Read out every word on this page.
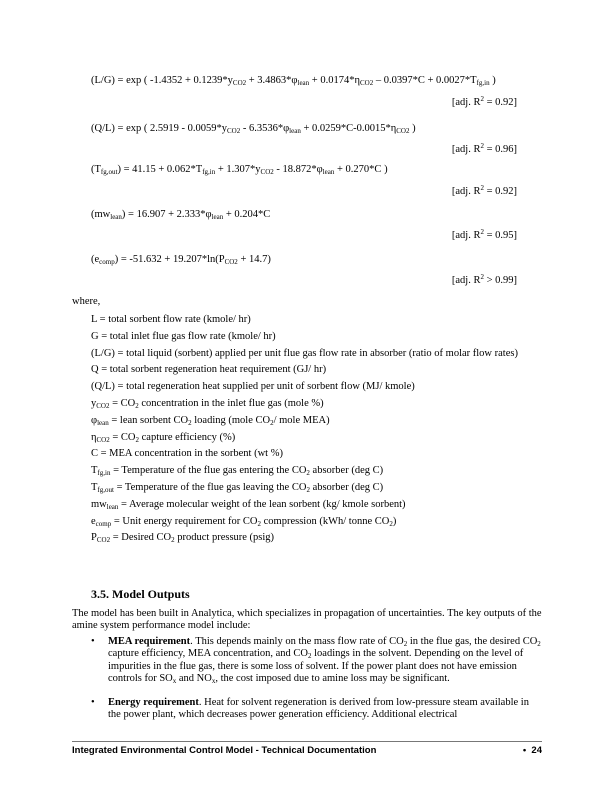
(L/G) = exp ( $-1.4352 + 0.1239*y_{CO2} + 3.4863*\varphi_{lean} + 0.0174*\eta_{CO2} - 0.0397*C + 0.0027*T_{fg,in}$ )
[adj. $R^2 = 0.92$]
(Q/L) = exp ( $2.5919 - 0.0059*y_{CO2} - 6.3536*\varphi_{lean} + 0.0259*C-0.0015*\eta_{CO2}$ )
[adj. $R^2 = 0.96$]
$(T_{fg,out}) = 41.15 + 0.062*T_{fg,in} + 1.307*y_{CO2} - 18.872*\varphi_{lean} + 0.270*C$ )
[adj. $R^2 = 0.92$]
$(mw_{lean}) = 16.907 + 2.333*\varphi_{lean} + 0.204*C$
[adj. $R^2 = 0.95$]
$(e_{comp}) = -51.632 + 19.207*\ln(P_{CO2} + 14.7)$
[adj. $R^2 > 0.99$]
where,
L = total sorbent flow rate (kmole/ hr)
G = total inlet flue gas flow rate (kmole/ hr)
(L/G) = total liquid (sorbent) applied per unit flue gas flow rate in absorber (ratio of molar flow rates)
Q = total sorbent regeneration heat requirement (GJ/ hr)
(Q/L) = total regeneration heat supplied per unit of sorbent flow (MJ/ kmole)
$y_{CO2} = CO_2$ concentration in the inlet flue gas (mole %)
$\varphi_{lean}$ = lean sorbent $CO_2$ loading (mole $CO_2/$ mole MEA)
$\eta_{CO2} = CO_2$ capture efficiency (%)
C = MEA concentration in the sorbent (wt %)
$T_{fg,in}$ = Temperature of the flue gas entering the $CO_2$ absorber (deg C)
$T_{fg,out}$ = Temperature of the flue gas leaving the $CO_2$ absorber (deg C)
$mw_{lean}$ = Average molecular weight of the lean sorbent (kg/ kmole sorbent)
$e_{comp}$ = Unit energy requirement for $CO_2$ compression (kWh/ tonne $CO_2$)
$P_{CO2}$ = Desired $CO_2$ product pressure (psig)
3.5. Model Outputs
The model has been built in Analytica, which specializes in propagation of uncertainties. The key outputs of the amine system performance model include:
• MEA requirement. This depends mainly on the mass flow rate of $CO_2$ in the flue gas, the desired $CO_2$ capture efficiency, MEA concentration, and $CO_2$ loadings in the solvent. Depending on the level of impurities in the flue gas, there is some loss of solvent. If the power plant does not have emission controls for $SO_x$ and $NO_x$, the cost imposed due to amine loss may be significant.
• Energy requirement. Heat for solvent regeneration is derived from low-pressure steam available in the power plant, which decreases power generation efficiency. Additional electrical
Integrated Environmental Control Model - Technical Documentation	• 24
